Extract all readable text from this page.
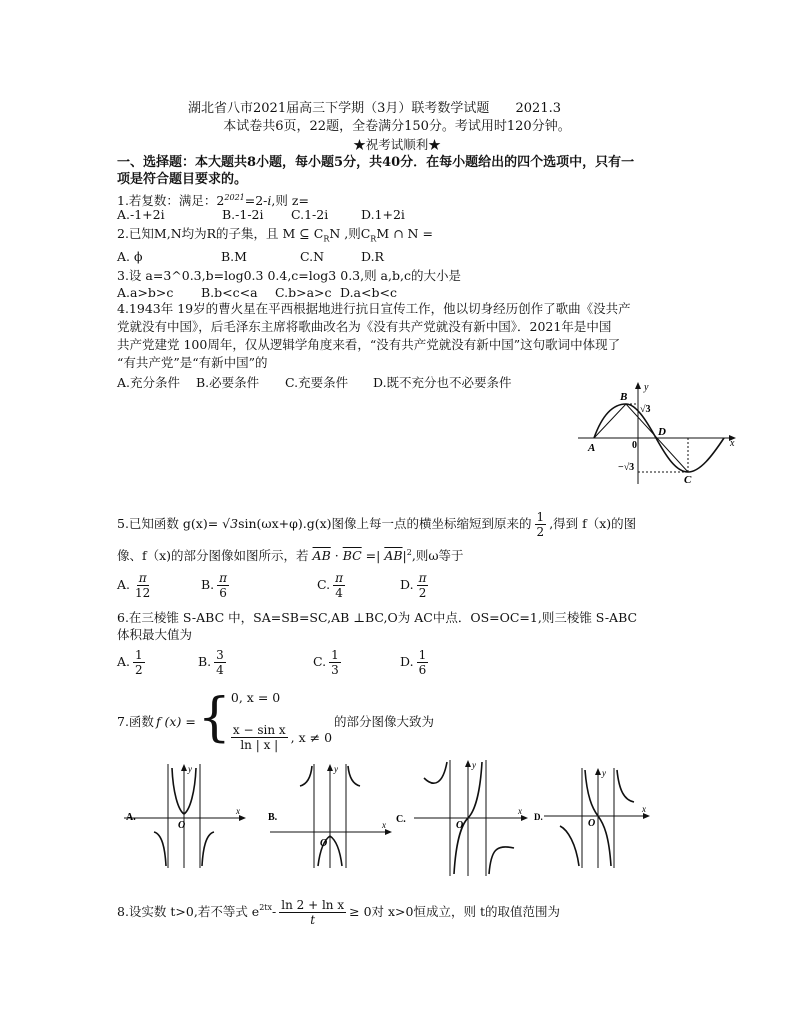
湖北省八市2021届高三下学期（3月）联考数学试题 2021.3
本试卷共6页，22题，全卷满分150分。考试用时120分钟。
★祝考试顺利★
一、选择题：本大题共8小题，每小题5分，共40分．在每小题给出的四个选项中，只有一
项是符合题目要求的。
1.若复数：满足：$2^{2021}=2-i$,则 z=
A.-1+2i	B.-1-2i C.1-2i	D.1+2i
2.已知M,N均为R的子集，且 M ⊆ $C_RN$ ,则$C_RM$ ∩ N =
A. ϕ	B.M	C.N	D.R
3.设 a=3^0.3,b=log0.3 0.4,c=log3 0.3,则 a,b,c的大小是
A.a>b>c B.b<c<a C.b>a>c D.a<b<c
4.1943年 19岁的曹火星在平西根据地进行抗日宣传工作，他以切身经历创作了歌曲《没共产
党就没有中国》，后毛泽东主席将歌曲改名为《没有共产党就没有新中国》．2021年是中国
共产党建党 100周年，仅从逻辑学角度来看，“没有共产党就没有新中国”这句歌词中体现了
“有共产党”是“有新中国”的
A.充分条件 B.必要条件 C.充要条件 D.既不充分也不必要条件
B
A
D
C
0	x
y
√3
−√3
5.已知函数 g(x)= √3sin(ωx+φ).g(x)图像上每一点的横坐标缩短到原来的 $\frac{1}{2}$ ,得到 f（x)的图
像、f（x)的部分图像如图所示，若 $\overline{AB} \cdot \overline{BC}$ =| $\overline{AB}|^2$,则ω等于
A. $\frac{\pi}{12}$	B. $\frac{\pi}{6}$	C. $\frac{\pi}{4}$	D. $\frac{\pi}{2}$
6.在三棱锥 S-ABC 中，SA=SB=SC,AB ⊥BC,O为 AC中点．OS=OC=1,则三棱锥 S-ABC
体积最大值为
A. $\frac{1}{2}$	B. $\frac{3}{4}$	C. $\frac{1}{3}$	D. $\frac{1}{6}$
7.函数 f (x) = { 0, x = 0
$\frac{\text{x − sin x}}{\ln | x |}$ , x ≠ 0
的部分图像大致为
A.
O
y
x
B.
O
y
x C.
O
y
x
D.
O
y
x
8.设实数 t>0,若不等式 $e^{2tx} - \frac{\text{ln 2 + ln x}}{t} \ge 0$对 x>0恒成立，则 t的取值范围为
